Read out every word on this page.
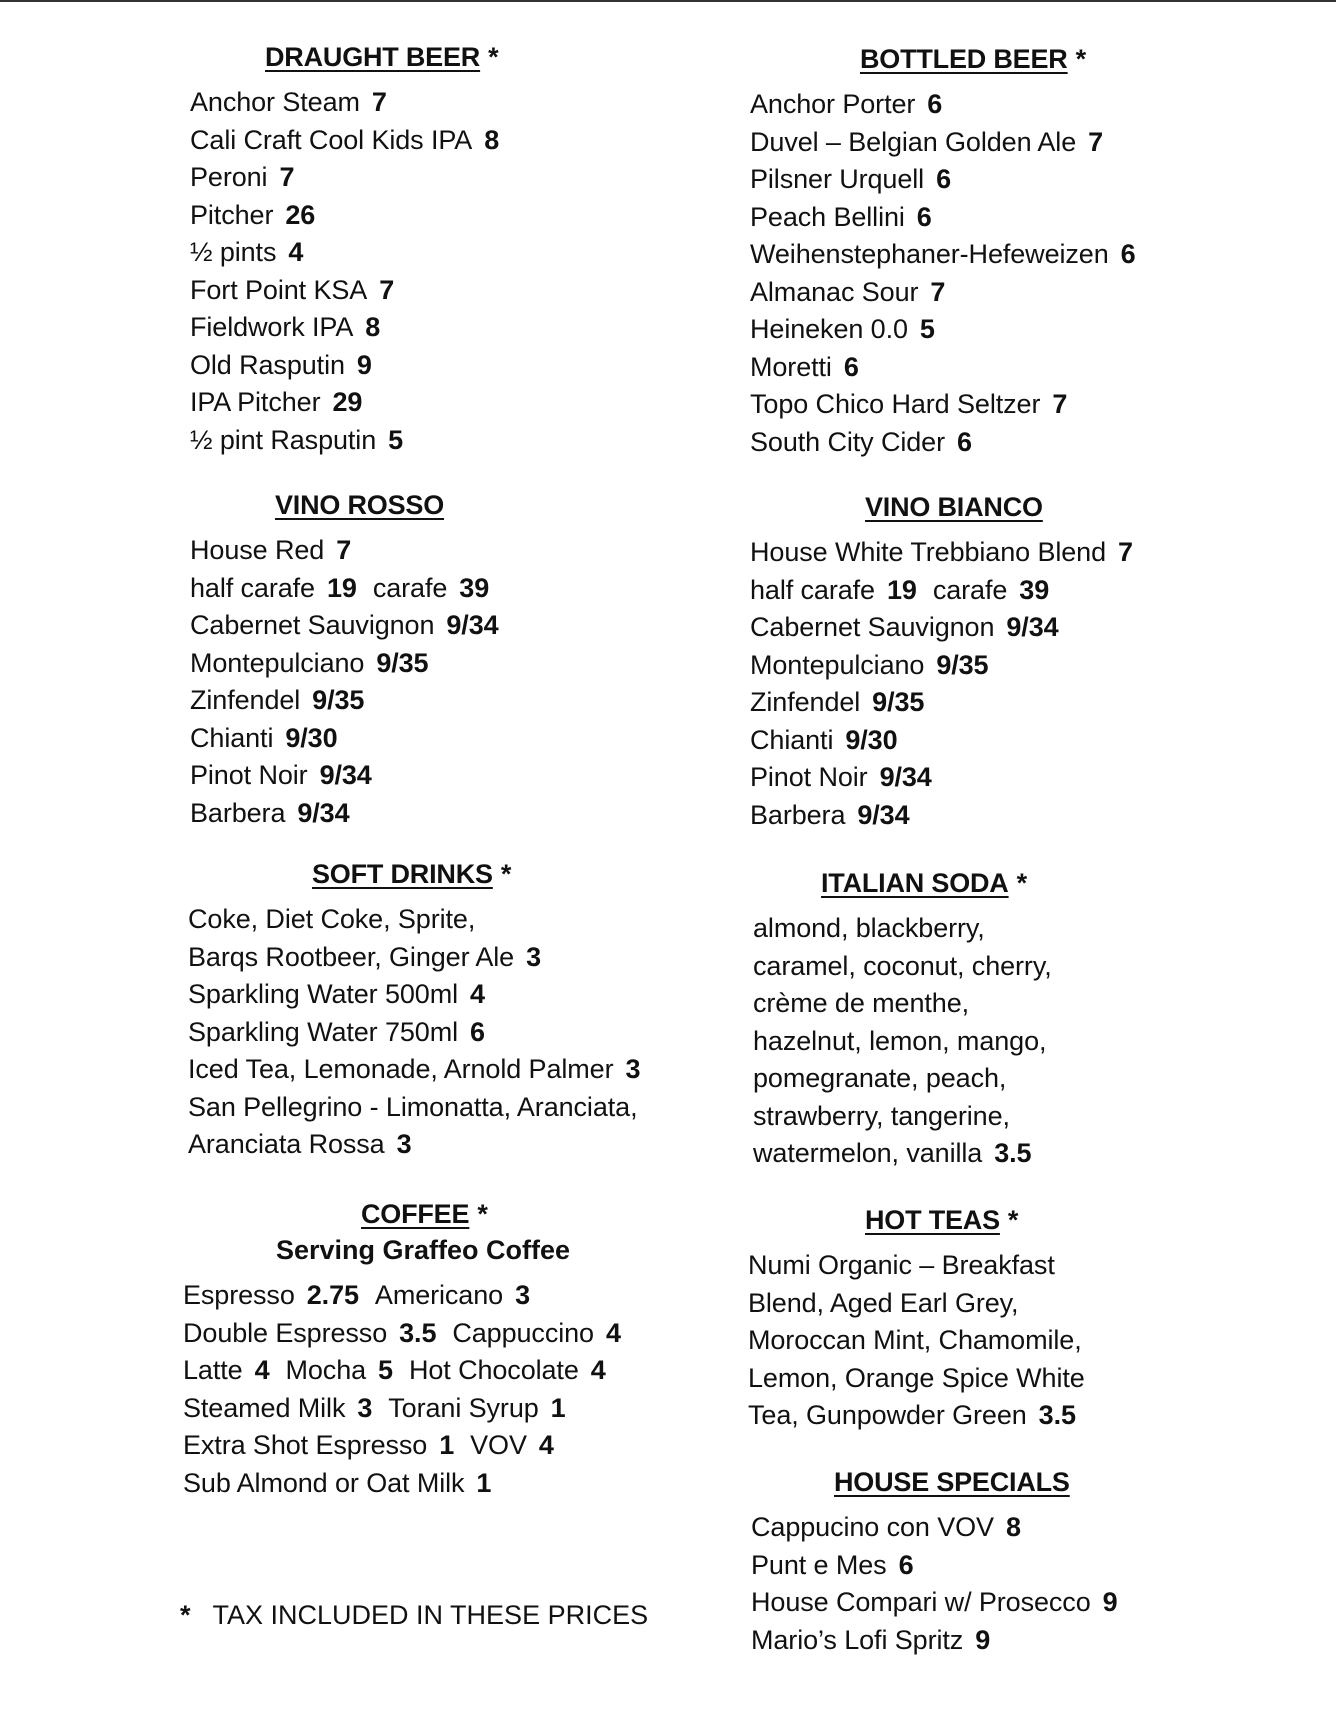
DRAUGHT BEER *
Anchor Steam 7
Cali Craft Cool Kids IPA 8
Peroni 7
Pitcher 26
½ pints 4
Fort Point KSA 7
Fieldwork IPA 8
Old Rasputin 9
IPA Pitcher 29
½ pint Rasputin 5
BOTTLED BEER *
Anchor Porter 6
Duvel – Belgian Golden Ale 7
Pilsner Urquell 6
Peach Bellini 6
Weihenstephaner-Hefeweizen 6
Almanac Sour 7
Heineken 0.0 5
Moretti 6
Topo Chico Hard Seltzer 7
South City Cider 6
VINO ROSSO
House Red 7
half carafe 19 carafe 39
Cabernet Sauvignon 9/34
Montepulciano 9/35
Zinfendel 9/35
Chianti 9/30
Pinot Noir 9/34
Barbera 9/34
VINO BIANCO
House White Trebbiano Blend 7
half carafe 19 carafe 39
Cabernet Sauvignon 9/34
Montepulciano 9/35
Zinfendel 9/35
Chianti 9/30
Pinot Noir 9/34
Barbera 9/34
SOFT DRINKS *
Coke, Diet Coke, Sprite,
Barqs Rootbeer, Ginger Ale 3
Sparkling Water 500ml 4
Sparkling Water 750ml 6
Iced Tea, Lemonade, Arnold Palmer 3
San Pellegrino - Limonatta, Aranciata,
Aranciata Rossa 3
ITALIAN SODA *
almond, blackberry,
caramel, coconut, cherry,
crème de menthe,
hazelnut, lemon, mango,
pomegranate, peach,
strawberry, tangerine,
watermelon, vanilla 3.5
COFFEE *
Serving Graffeo Coffee
Espresso 2.75 Americano 3
Double Espresso 3.5 Cappuccino 4
Latte 4 Mocha 5 Hot Chocolate 4
Steamed Milk 3 Torani Syrup 1
Extra Shot Espresso 1 VOV 4
Sub Almond or Oat Milk 1
HOT TEAS *
Numi Organic – Breakfast
Blend, Aged Earl Grey,
Moroccan Mint, Chamomile,
Lemon, Orange Spice White
Tea, Gunpowder Green 3.5
HOUSE SPECIALS
Cappucino con VOV 8
Punt e Mes 6
House Compari w/ Prosecco 9
Mario’s Lofi Spritz 9
* TAX INCLUDED IN THESE PRICES
